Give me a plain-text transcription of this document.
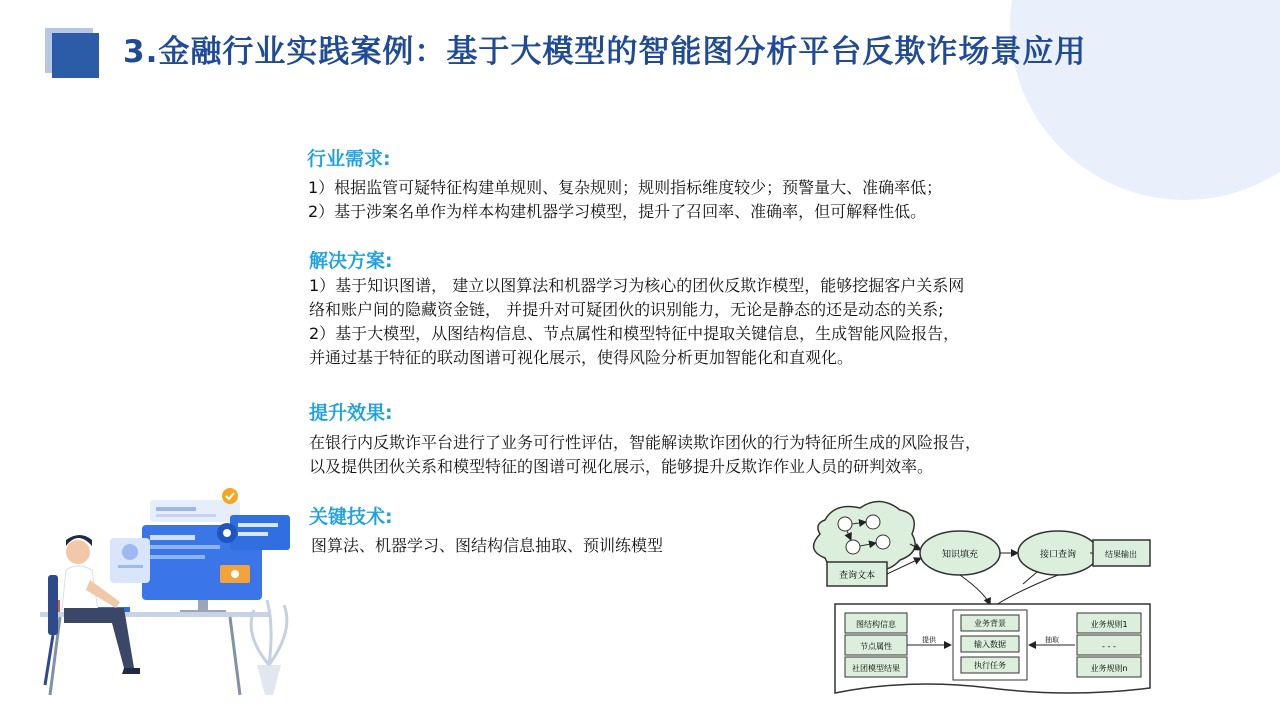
3.金融行业实践案例：基于大模型的智能图分析平台反欺诈场景应用
行业需求:
1）根据监管可疑特征构建单规则、复杂规则；规则指标维度较少；预警量大、准确率低；
2）基于涉案名单作为样本构建机器学习模型，提升了召回率、准确率，但可解释性低。
解决方案:
1）基于知识图谱， 建立以图算法和机器学习为核心的团伙反欺诈模型，能够挖掘客户关系网
络和账户间的隐藏资金链， 并提升对可疑团伙的识别能力，无论是静态的还是动态的关系;
2）基于大模型，从图结构信息、节点属性和模型特征中提取关键信息，生成智能风险报告，
并通过基于特征的联动图谱可视化展示，使得风险分析更加智能化和直观化。
提升效果:
在银行内反欺诈平台进行了业务可行性评估，智能解读欺诈团伙的行为特征所生成的风险报告，
以及提供团伙关系和模型特征的图谱可视化展示，能够提升反欺诈作业人员的研判效率。
关键技术:
图算法、机器学习、图结构信息抽取、预训练模型
查询文本
知识填充	接口查询	结果输出
图结构信息
节点属性
社团模型结果
提供
业务背景
输入数据
执行任务
抽取
业务规则1
- - -
业务规则n
